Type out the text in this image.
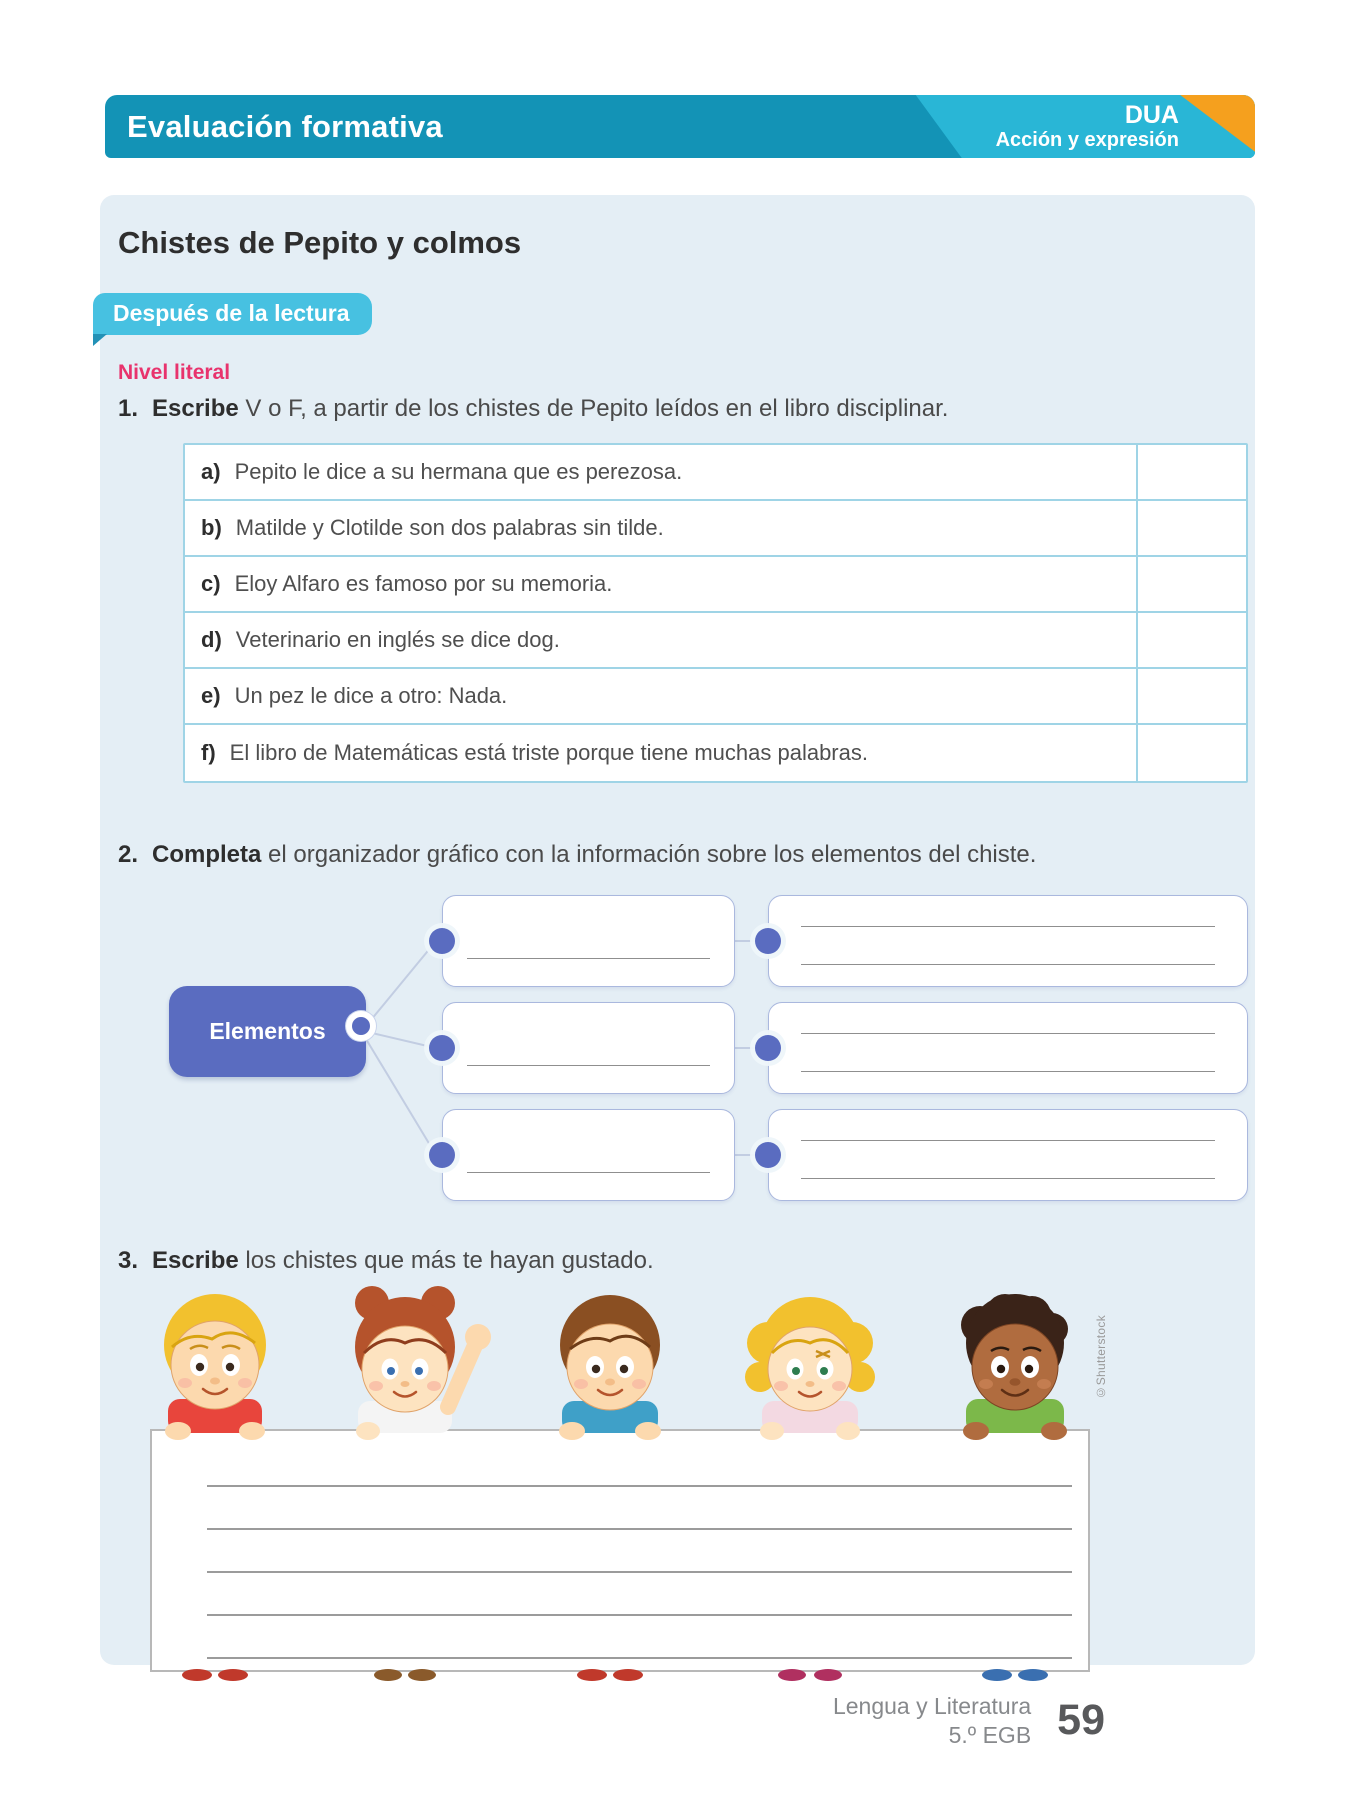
Evaluación formativa	DUA
Acción y expresión
Chistes de Pepito y colmos
Después de la lectura
Nivel literal
1. Escribe V o F, a partir de los chistes de Pepito leídos en el libro disciplinar.

a) Pepito le dice a su hermana que es perezosa.
b) Matilde y Clotilde son dos palabras sin tilde.
c) Eloy Alfaro es famoso por su memoria.
d) Veterinario en inglés se dice dog.
e) Un pez le dice a otro: Nada.
f) El libro de Matemáticas está triste porque tiene muchas palabras.
2. Completa el organizador gráfico con la información sobre los elementos del chiste.

Elementos
3. Escribe los chistes que más te hayan gustado.

©Shutterstock
Lengua y Literatura
5.º EGB 59
